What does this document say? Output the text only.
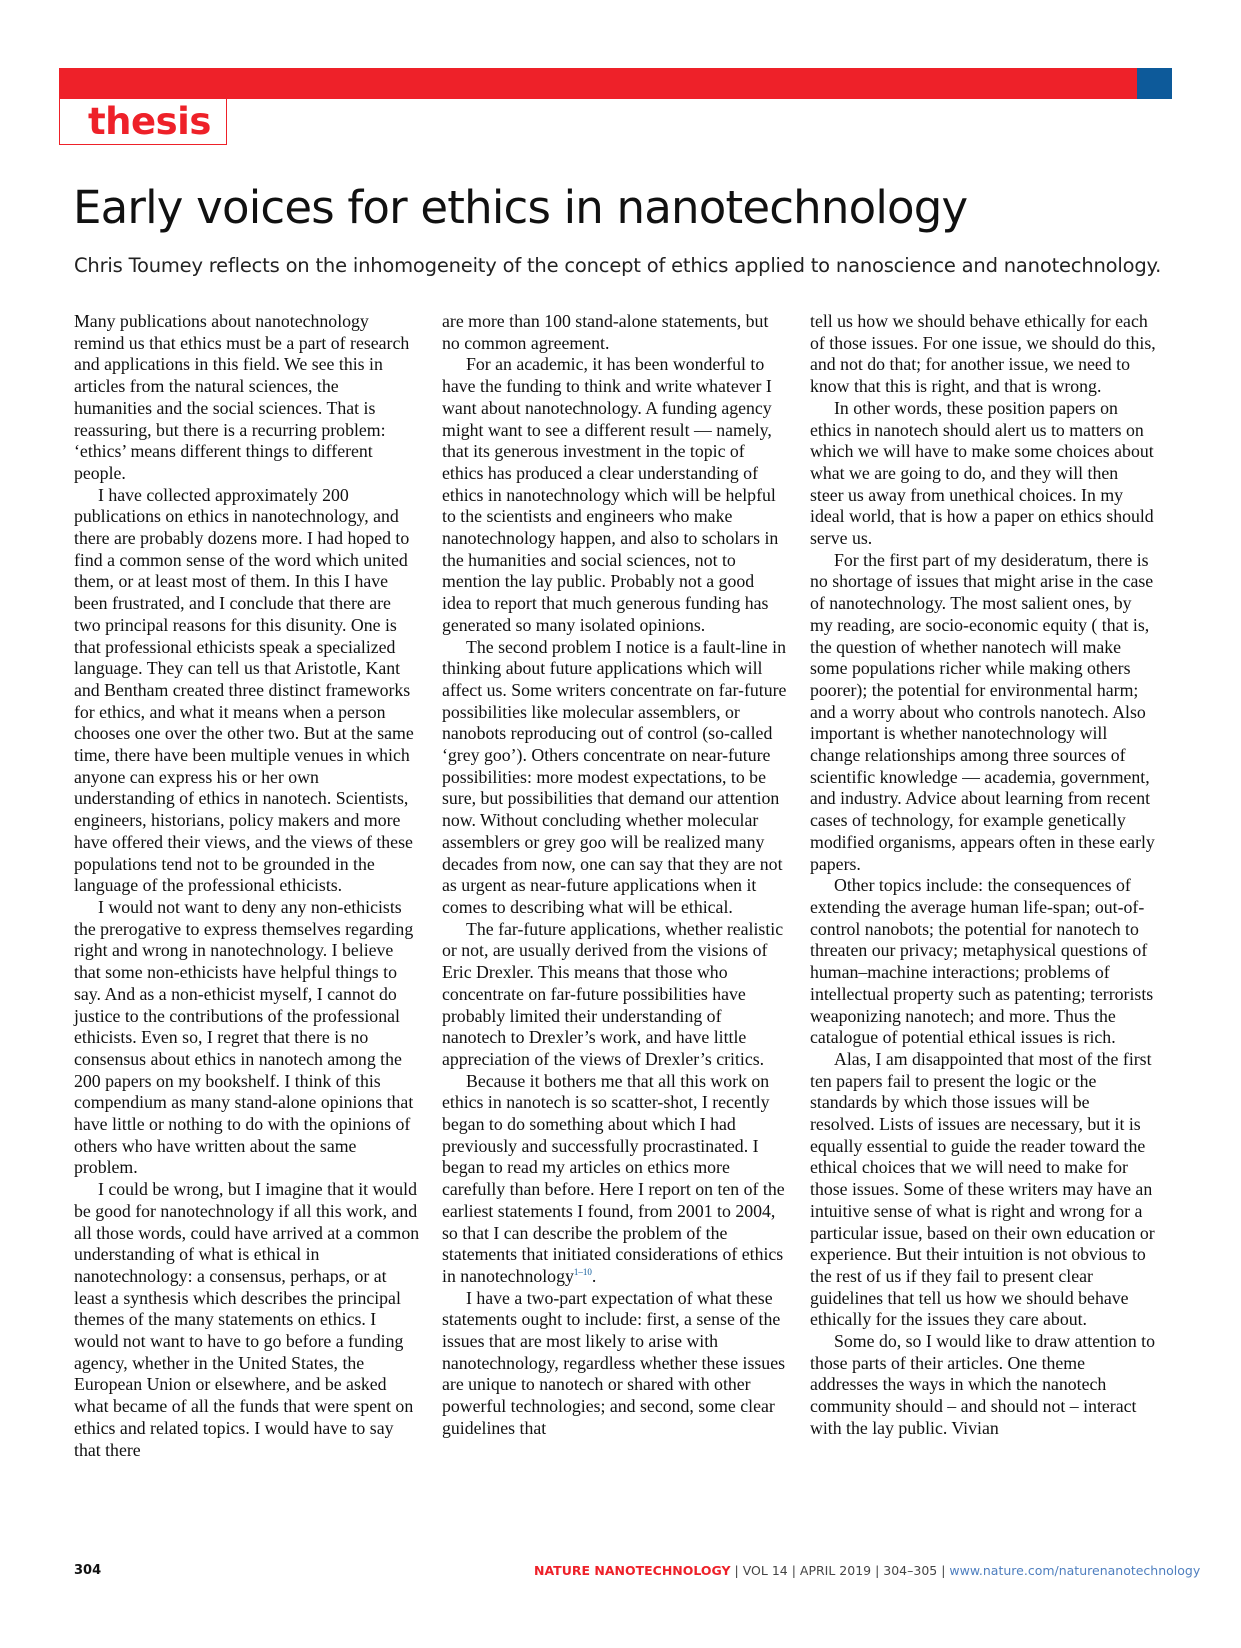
thesis
Early voices for ethics in nanotechnology
Chris Toumey reflects on the inhomogeneity of the concept of ethics applied to nanoscience and nanotechnology.

Many publications about nanotechnology remind us that ethics must be a part of research and applications in this field. We see this in articles from the natural sciences, the humanities and the social sciences. That is reassuring, but there is a recurring problem: ‘ethics’ means different things to different people.

I have collected approximately 200 publications on ethics in nanotechnology, and there are probably dozens more. I had hoped to find a common sense of the word which united them, or at least most of them. In this I have been frustrated, and I conclude that there are two principal reasons for this disunity. One is that professional ethicists speak a specialized language. They can tell us that Aristotle, Kant and Bentham created three distinct frameworks for ethics, and what it means when a person chooses one over the other two. But at the same time, there have been multiple venues in which anyone can express his or her own understanding of ethics in nanotech. Scientists, engineers, historians, policy makers and more have offered their views, and the views of these populations tend not to be grounded in the language of the professional ethicists.

I would not want to deny any non-ethicists the prerogative to express themselves regarding right and wrong in nanotechnology. I believe that some non-ethicists have helpful things to say. And as a non-ethicist myself, I cannot do justice to the contributions of the professional ethicists. Even so, I regret that there is no consensus about ethics in nanotech among the 200 papers on my bookshelf. I think of this compendium as many stand-alone opinions that have little or nothing to do with the opinions of others who have written about the same problem.

I could be wrong, but I imagine that it would be good for nanotechnology if all this work, and all those words, could have arrived at a common understanding of what is ethical in nanotechnology: a consensus, perhaps, or at least a synthesis which describes the principal themes of the many statements on ethics. I would not want to have to go before a funding agency, whether in the United States, the European Union or elsewhere, and be asked what became of all the funds that were spent on ethics and related topics. I would have to say that there

are more than 100 stand-alone statements, but no common agreement.

For an academic, it has been wonderful to have the funding to think and write whatever I want about nanotechnology. A funding agency might want to see a different result — namely, that its generous investment in the topic of ethics has produced a clear understanding of ethics in nanotechnology which will be helpful to the scientists and engineers who make nanotechnology happen, and also to scholars in the humanities and social sciences, not to mention the lay public. Probably not a good idea to report that much generous funding has generated so many isolated opinions.

The second problem I notice is a fault-line in thinking about future applications which will affect us. Some writers concentrate on far-future possibilities like molecular assemblers, or nanobots reproducing out of control (so-called ‘grey goo’). Others concentrate on near-future possibilities: more modest expectations, to be sure, but possibilities that demand our attention now. Without concluding whether molecular assemblers or grey goo will be realized many decades from now, one can say that they are not as urgent as near-future applications when it comes to describing what will be ethical.

The far-future applications, whether realistic or not, are usually derived from the visions of Eric Drexler. This means that those who concentrate on far-future possibilities have probably limited their understanding of nanotech to Drexler’s work, and have little appreciation of the views of Drexler’s critics.

Because it bothers me that all this work on ethics in nanotech is so scatter-shot, I recently began to do something about which I had previously and successfully procrastinated. I began to read my articles on ethics more carefully than before. Here I report on ten of the earliest statements I found, from 2001 to 2004, so that I can describe the problem of the statements that initiated considerations of ethics in nanotechnology$^{1-10}$.

I have a two-part expectation of what these statements ought to include: first, a sense of the issues that are most likely to arise with nanotechnology, regardless whether these issues are unique to nanotech or shared with other powerful technologies; and second, some clear guidelines that

tell us how we should behave ethically for each of those issues. For one issue, we should do this, and not do that; for another issue, we need to know that this is right, and that is wrong.

In other words, these position papers on ethics in nanotech should alert us to matters on which we will have to make some choices about what we are going to do, and they will then steer us away from unethical choices. In my ideal world, that is how a paper on ethics should serve us.

For the first part of my desideratum, there is no shortage of issues that might arise in the case of nanotechnology. The most salient ones, by my reading, are socio-economic equity ( that is, the question of whether nanotech will make some populations richer while making others poorer); the potential for environmental harm; and a worry about who controls nanotech. Also important is whether nanotechnology will change relationships among three sources of scientific knowledge — academia, government, and industry. Advice about learning from recent cases of technology, for example genetically modified organisms, appears often in these early papers.

Other topics include: the consequences of extending the average human life-span; out-of-control nanobots; the potential for nanotech to threaten our privacy; metaphysical questions of human–machine interactions; problems of intellectual property such as patenting; terrorists weaponizing nanotech; and more. Thus the catalogue of potential ethical issues is rich.

Alas, I am disappointed that most of the first ten papers fail to present the logic or the standards by which those issues will be resolved. Lists of issues are necessary, but it is equally essential to guide the reader toward the ethical choices that we will need to make for those issues. Some of these writers may have an intuitive sense of what is right and wrong for a particular issue, based on their own education or experience. But their intuition is not obvious to the rest of us if they fail to present clear guidelines that tell us how we should behave ethically for the issues they care about.

Some do, so I would like to draw attention to those parts of their articles. One theme addresses the ways in which the nanotech community should – and should not – interact with the lay public. Vivian

304	NATURE NANOTECHNOLOGY | VOL 14 | APRIL 2019 | 304–305 | www.nature.com/naturenanotechnology
